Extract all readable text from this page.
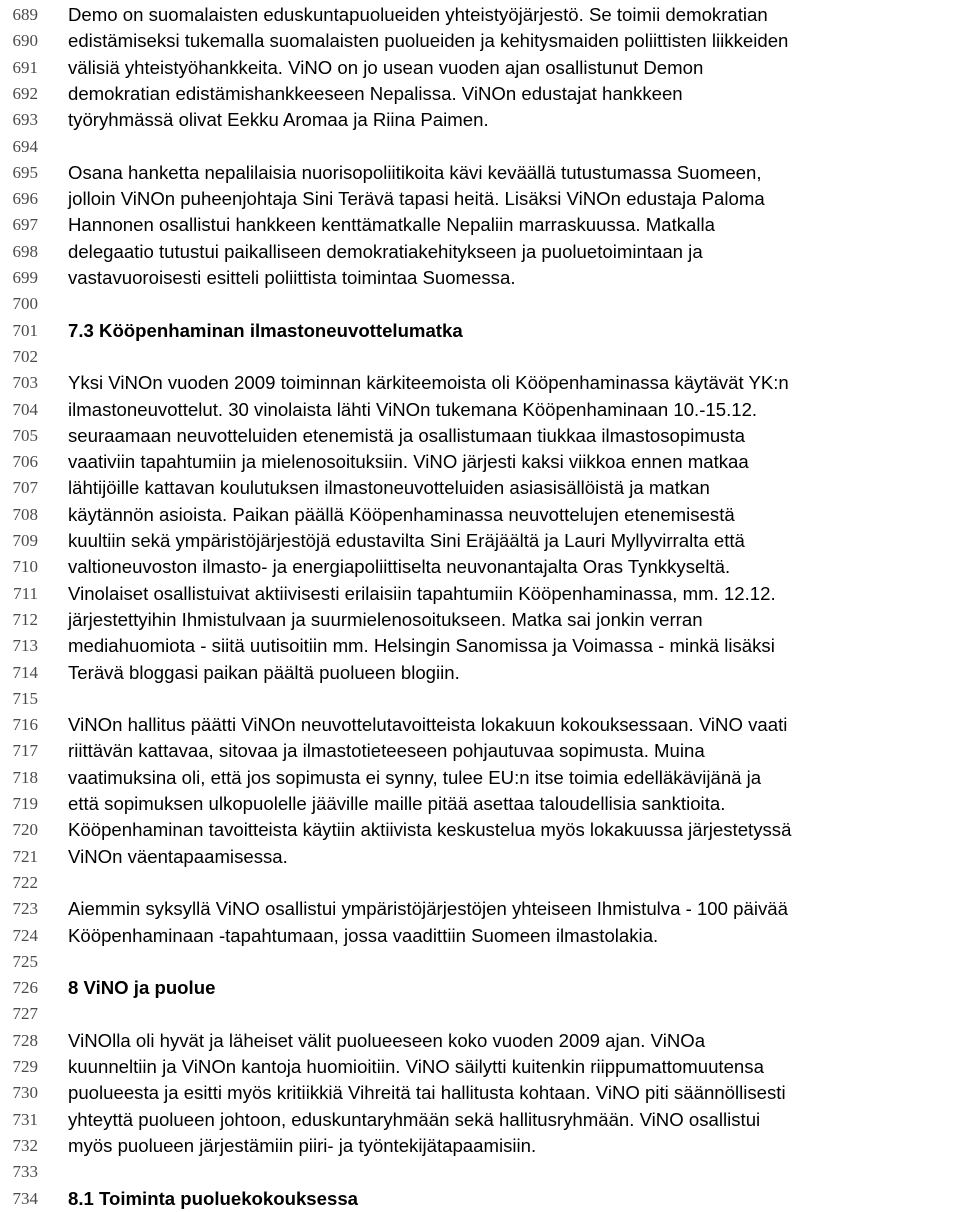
689
690
691
692
693
694
695
696
697
698
699
700
701
702
703
704
705
706
707
708
709
710
711
712
713
714
715
716
717
718
719
720
721
722
723
724
725
726
727
728
729
730
731
732
733
734
Demo on suomalaisten eduskuntapuolueiden yhteistyöjärjestö. Se toimii demokratian
edistämiseksi tukemalla suomalaisten puolueiden ja kehitysmaiden poliittisten liikkeiden
välisiä yhteistyöhankkeita. ViNO on jo usean vuoden ajan osallistunut Demon
demokratian edistämishankkeeseen Nepalissa. ViNOn edustajat hankkeen
työryhmässä olivat Eekku Aromaa ja Riina Paimen.
Osana hanketta nepalilaisia nuorisopoliitikoita kävi keväällä tutustumassa Suomeen,
jolloin ViNOn puheenjohtaja Sini Terävä tapasi heitä. Lisäksi ViNOn edustaja Paloma
Hannonen osallistui hankkeen kenttämatkalle Nepaliin marraskuussa. Matkalla
delegaatio tutustui paikalliseen demokratiakehitykseen ja puoluetoimintaan ja
vastavuoroisesti esitteli poliittista toimintaa Suomessa.
7.3 Kööpenhaminan ilmastoneuvottelumatka
Yksi ViNOn vuoden 2009 toiminnan kärkiteemoista oli Kööpenhaminassa käytävät YK:n
ilmastoneuvottelut. 30 vinolaista lähti ViNOn tukemana Kööpenhaminaan 10.-15.12.
seuraamaan neuvotteluiden etenemistä ja osallistumaan tiukkaa ilmastosopimusta
vaativiin tapahtumiin ja mielenosoituksiin. ViNO järjesti kaksi viikkoa ennen matkaa
lähtijöille kattavan koulutuksen ilmastoneuvotteluiden asiasisällöistä ja matkan
käytännön asioista. Paikan päällä Kööpenhaminassa neuvottelujen etenemisestä
kuultiin sekä ympäristöjärjestöjä edustavilta Sini Eräjäältä ja Lauri Myllyvirralta että
valtioneuvoston ilmasto- ja energiapoliittiselta neuvonantajalta Oras Tynkkyseltä.
Vinolaiset osallistuivat aktiivisesti erilaisiin tapahtumiin Kööpenhaminassa, mm. 12.12.
järjestettyihin Ihmistulvaan ja suurmielenosoitukseen. Matka sai jonkin verran
mediahuomiota - siitä uutisoitiin mm. Helsingin Sanomissa ja Voimassa - minkä lisäksi
Terävä bloggasi paikan päältä puolueen blogiin.
ViNOn hallitus päätti ViNOn neuvottelutavoitteista lokakuun kokouksessaan. ViNO vaati
riittävän kattavaa, sitovaa ja ilmastotieteeseen pohjautuvaa sopimusta. Muina
vaatimuksina oli, että jos sopimusta ei synny, tulee EU:n itse toimia edelläkävijänä ja
että sopimuksen ulkopuolelle jääville maille pitää asettaa taloudellisia sanktioita.
Kööpenhaminan tavoitteista käytiin aktiivista keskustelua myös lokakuussa järjestetyssä
ViNOn väentapaamisessa.
Aiemmin syksyllä ViNO osallistui ympäristöjärjestöjen yhteiseen Ihmistulva - 100 päivää
Kööpenhaminaan -tapahtumaan, jossa vaadittiin Suomeen ilmastolakia.
8 ViNO ja puolue
ViNOlla oli hyvät ja läheiset välit puolueeseen koko vuoden 2009 ajan. ViNOa
kuunneltiin ja ViNOn kantoja huomioitiin. ViNO säilytti kuitenkin riippumattomuutensa
puolueesta ja esitti myös kritiikkiä Vihreitä tai hallitusta kohtaan. ViNO piti säännöllisesti
yhteyttä puolueen johtoon, eduskuntaryhmään sekä hallitusryhmään. ViNO osallistui
myös puolueen järjestämiin piiri- ja työntekijätapaamisiin.
8.1 Toiminta puoluekokouksessa
